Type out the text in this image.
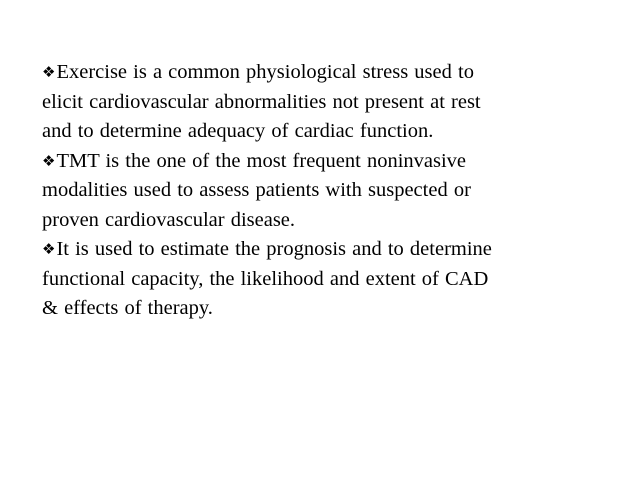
❖Exercise is a common physiological stress used to
elicit cardiovascular abnormalities not present at rest
and to determine adequacy of cardiac function.
❖TMT is the one of the most frequent noninvasive
modalities used to assess patients with suspected or
proven cardiovascular disease.
❖It is used to estimate the prognosis and to determine
functional capacity, the likelihood and extent of CAD
& effects of therapy.
